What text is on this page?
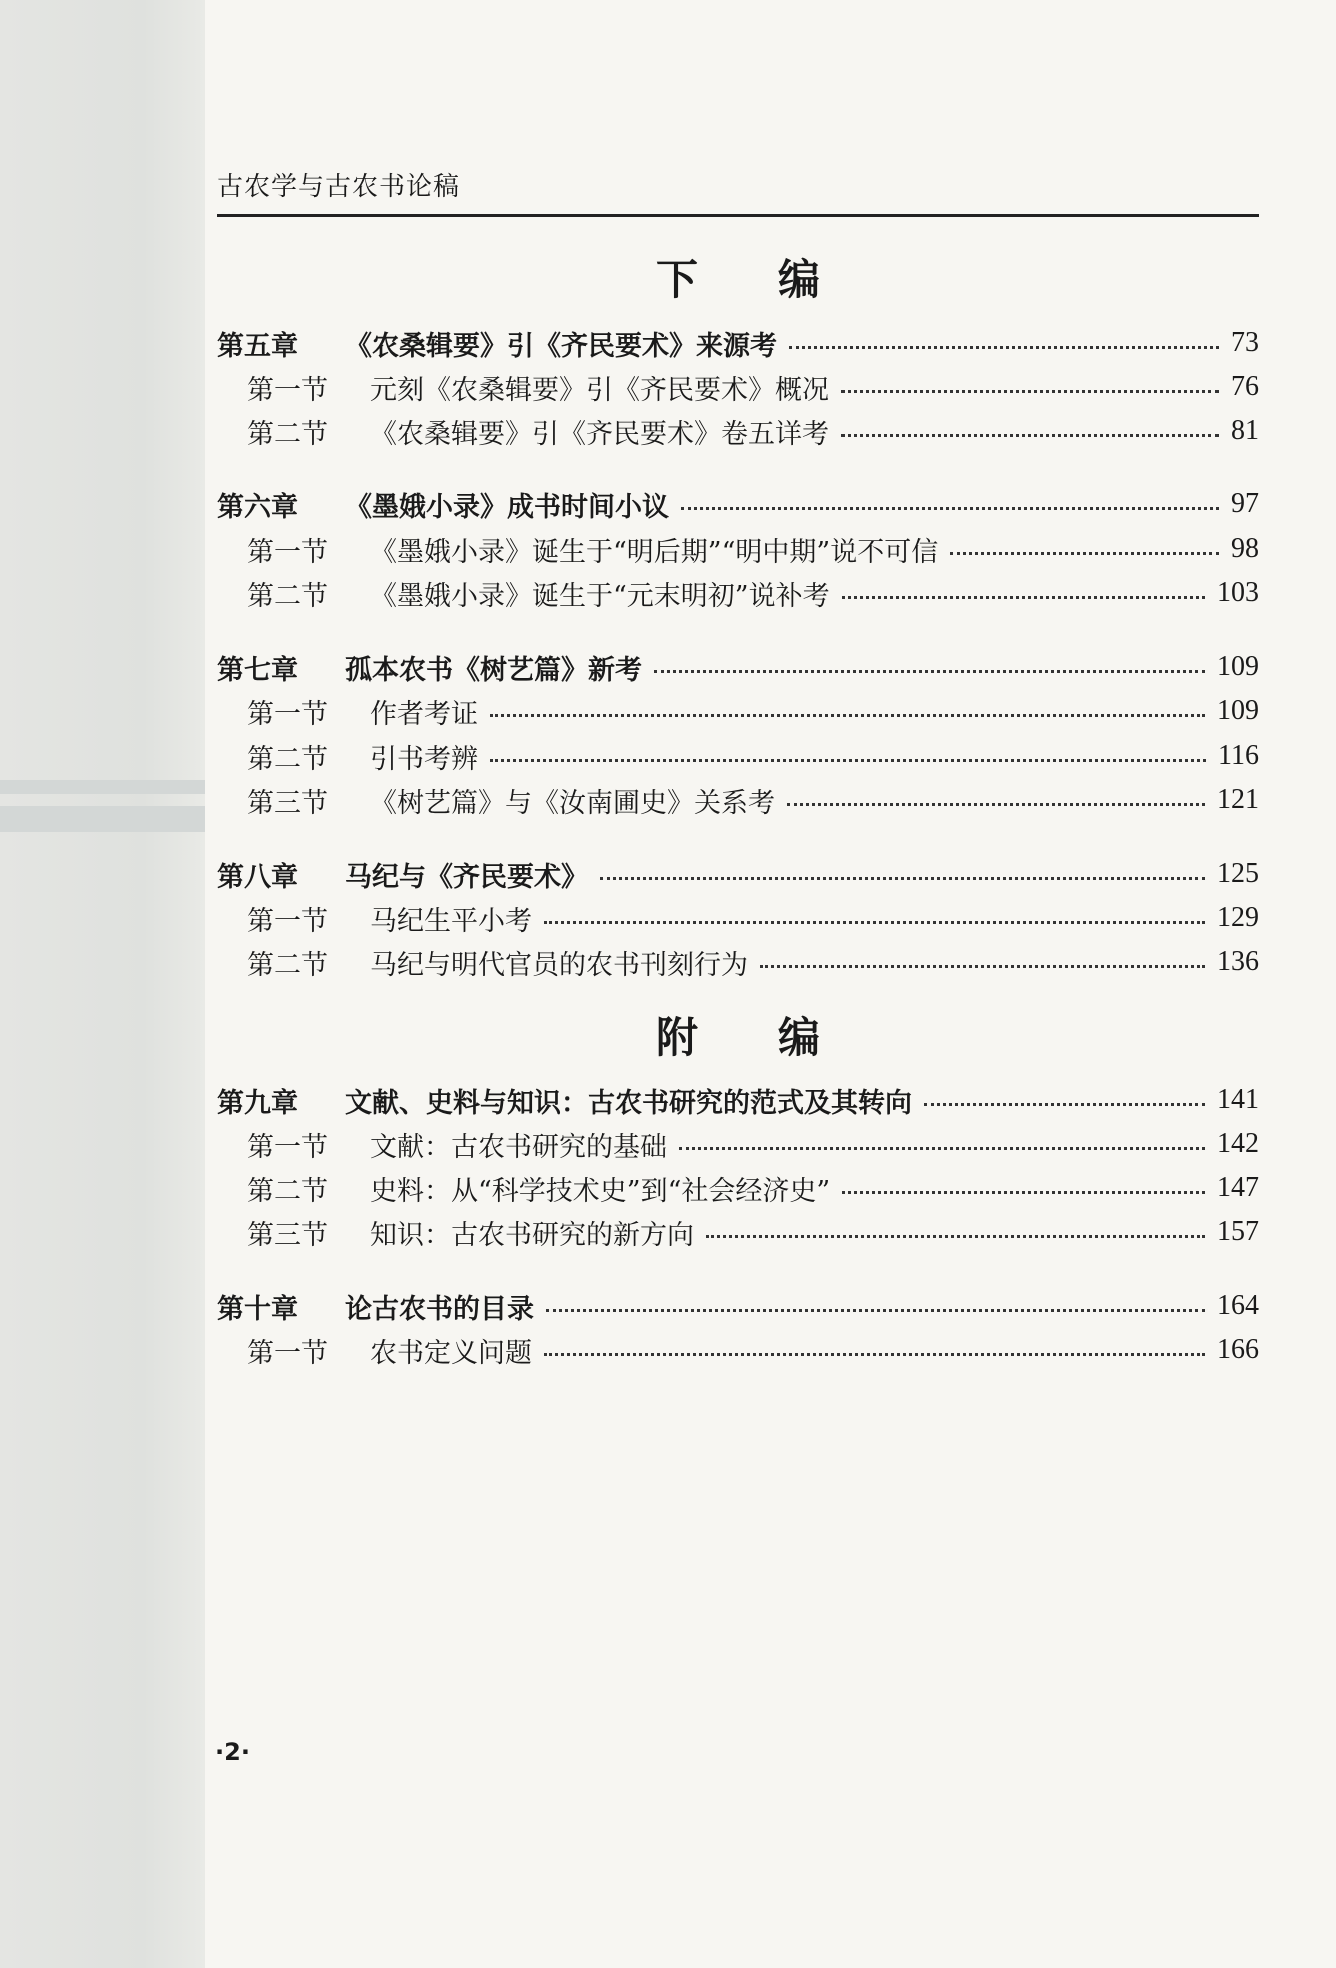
古农学与古农书论稿
下编
第五章 《农桑辑要》引《齐民要术》来源考	73
第一节 元刻《农桑辑要》引《齐民要术》概况	76
第二节 《农桑辑要》引《齐民要术》卷五详考	81
第六章 《墨娥小录》成书时间小议	97
第一节 《墨娥小录》诞生于“明后期”“明中期”说不可信	98
第二节 《墨娥小录》诞生于“元末明初”说补考	103
第七章 孤本农书《树艺篇》新考	109
第一节 作者考证	109
第二节 引书考辨	116
第三节 《树艺篇》与《汝南圃史》关系考	121
第八章 马纪与《齐民要术》	125
第一节 马纪生平小考	129
第二节 马纪与明代官员的农书刊刻行为	136
附编
第九章 文献、史料与知识：古农书研究的范式及其转向	141
第一节 文献：古农书研究的基础	142
第二节 史料：从“科学技术史”到“社会经济史”	147
第三节 知识：古农书研究的新方向	157
第十章 论古农书的目录	164
第一节 农书定义问题	166
·2·
